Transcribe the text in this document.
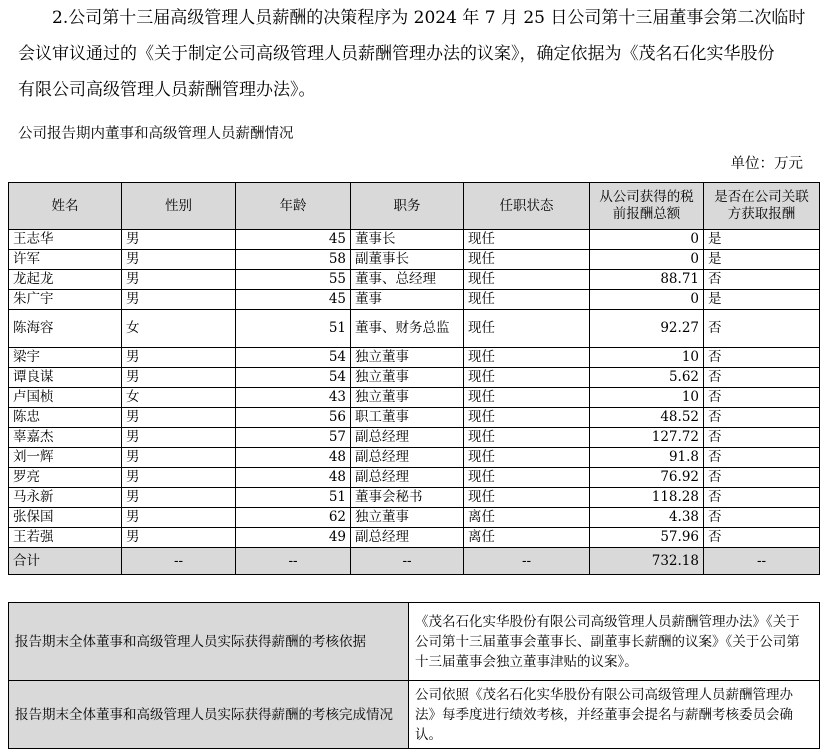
2.公司第十三届高级管理人员薪酬的决策程序为 2024 年 7 月 25 日公司第十三届董事会第二次临时

会议审议通过的《关于制定公司高级管理人员薪酬管理办法的议案》，确定依据为《茂名石化实华股份

有限公司高级管理人员薪酬管理办法》。

公司报告期内董事和高级管理人员薪酬情况

单位：万元
姓名	性别	年龄	职务	任职状态	从公司获得的税前报酬总额	是否在公司关联方获取报酬
王志华	男	45	董事长	现任	0	是
许军	男	58	副董事长	现任	0	是
龙起龙	男	55	董事、总经理	现任	88.71	否
朱广宇	男	45	董事	现任	0	是
陈海容	女	51	董事、财务总监	现任	92.27	否
梁宇	男	54	独立董事	现任	10	否
谭良谋	男	54	独立董事	现任	5.62	否
卢国桢	女	43	独立董事	现任	10	否
陈忠	男	56	职工董事	现任	48.52	否
辜嘉杰	男	57	副总经理	现任	127.72	否
刘一辉	男	48	副总经理	现任	91.8	否
罗亮	男	48	副总经理	现任	76.92	否
马永新	男	51	董事会秘书	现任	118.28	否
张保国	男	62	独立董事	离任	4.38	否
王若强	男	49	副总经理	离任	57.96	否
合计	--	--	--	--	732.18	--
报告期末全体董事和高级管理人员实际获得薪酬的考核依据	《茂名石化实华股份有限公司高级管理人员薪酬管理办法》《关于公司第十三届董事会董事长、副董事长薪酬的议案》《关于公司第十三届董事会独立董事津贴的议案》。
报告期末全体董事和高级管理人员实际获得薪酬的考核完成情况	公司依照《茂名石化实华股份有限公司高级管理人员薪酬管理办法》每季度进行绩效考核，并经董事会提名与薪酬考核委员会确认。
